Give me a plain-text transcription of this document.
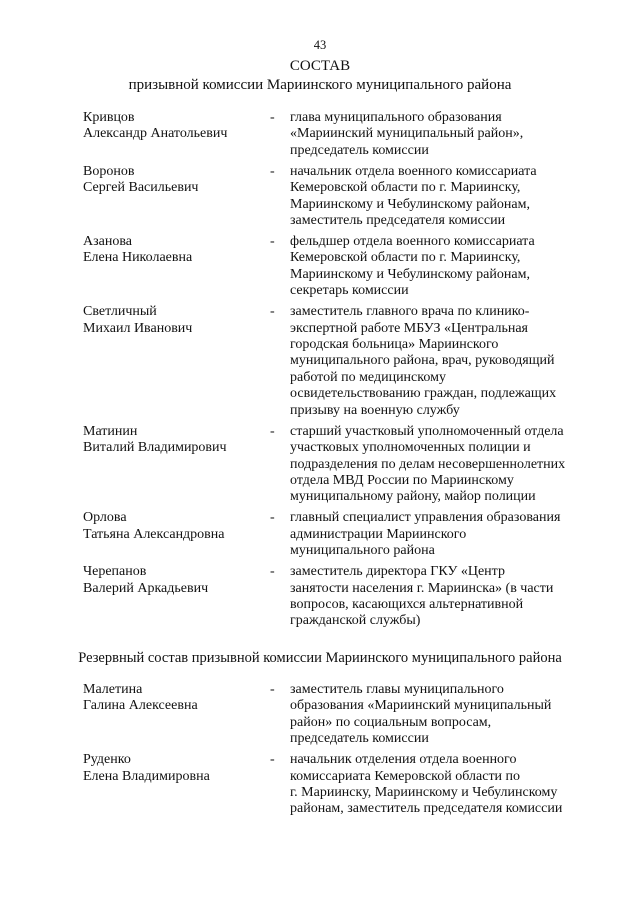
43
СОСТАВ
призывной комиссии Мариинского муниципального района
Кривцов
Александр Анатольевич
- глава муниципального образования
«Мариинский муниципальный район»,
председатель комиссии
Воронов
Сергей Васильевич
- начальник отдела военного комиссариата
Кемеровской области по г. Мариинску,
Мариинскому и Чебулинскому районам,
заместитель председателя комиссии
Азанова
Елена Николаевна
- фельдшер отдела военного комиссариата
Кемеровской области по г. Мариинску,
Мариинскому и Чебулинскому районам,
секретарь комиссии
Светличный
Михаил Иванович
- заместитель главного врача по клинико-
экспертной работе МБУЗ «Центральная
городская больница» Мариинского
муниципального района, врач, руководящий
работой по медицинскому
освидетельствованию граждан, подлежащих
призыву на военную службу
Матинин
Виталий Владимирович
- старший участковый уполномоченный отдела
участковых уполномоченных полиции и
подразделения по делам несовершеннолетних
отдела МВД России по Мариинскому
муниципальному району, майор полиции
Орлова
Татьяна Александровна
- главный специалист управления образования
администрации Мариинского
муниципального района
Черепанов
Валерий Аркадьевич
- заместитель директора ГКУ «Центр
занятости населения г. Мариинска» (в части
вопросов, касающихся альтернативной
гражданской службы)
Резервный состав призывной комиссии Мариинского муниципального района
Малетина
Галина Алексеевна
- заместитель главы муниципального
образования «Мариинский муниципальный
район» по социальным вопросам,
председатель комиссии
Руденко
Елена Владимировна
- начальник отделения отдела военного
комиссариата Кемеровской области по
г. Мариинску, Мариинскому и Чебулинскому
районам, заместитель председателя комиссии
